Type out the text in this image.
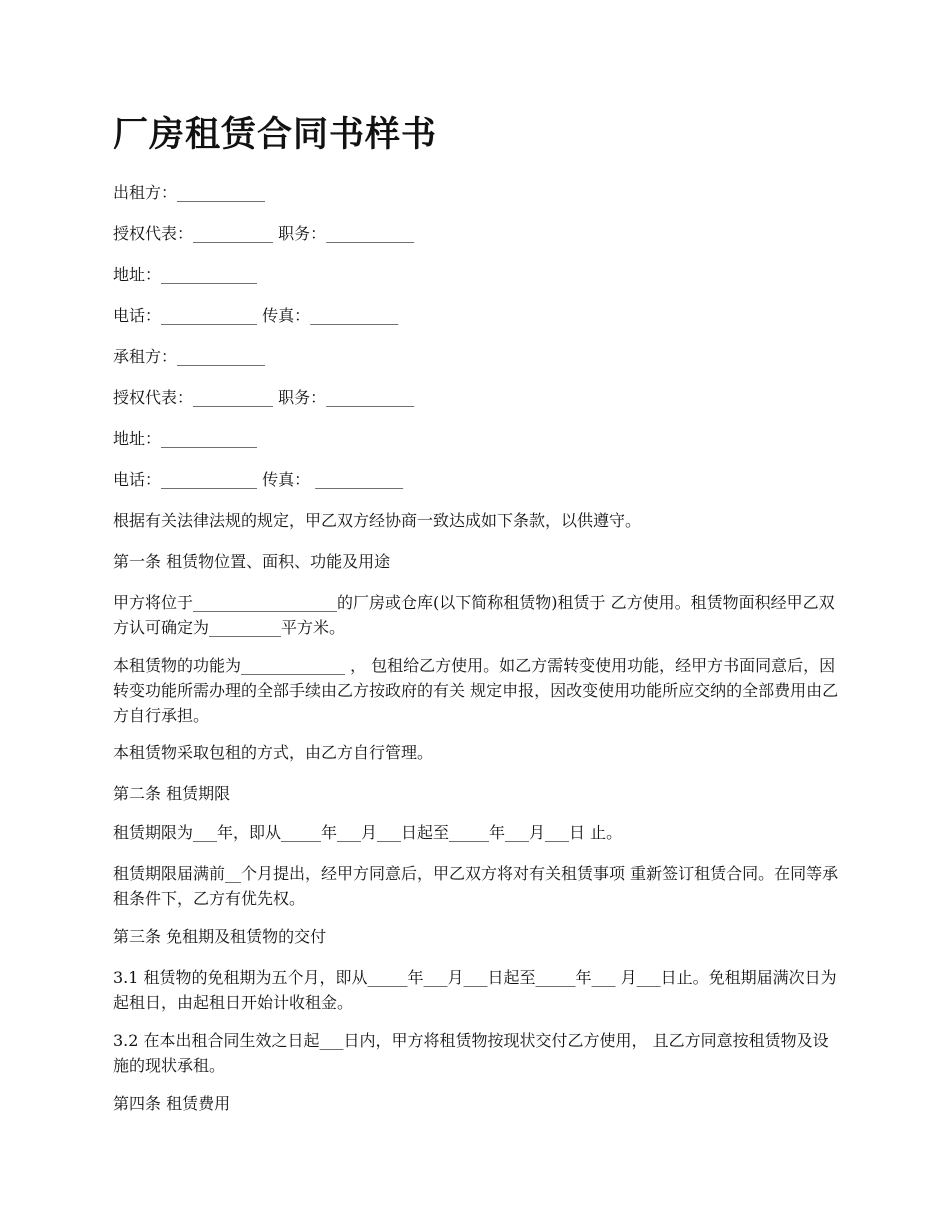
厂房租赁合同书样书

出租方：___________

授权代表：__________ 职务：___________

地址：____________

电话：____________ 传真：___________

承租方：___________

授权代表：__________ 职务：___________

地址：____________

电话：____________ 传真： ___________

根据有关法律法规的规定，甲乙双方经协商一致达成如下条款，以供遵守。

第一条 租赁物位置、面积、功能及用途

甲方将位于__________________的厂房或仓库(以下简称租赁物)租赁于 乙方使用。租赁物面积经甲乙双方认可确定为_________平方米。

本租赁物的功能为_____________ ， 包租给乙方使用。如乙方需转变使用功能，经甲方书面同意后，因转变功能所需办理的全部手续由乙方按政府的有关 规定申报，因改变使用功能所应交纳的全部费用由乙方自行承担。

本租赁物采取包租的方式，由乙方自行管理。

第二条 租赁期限

租赁期限为___年，即从_____年___月___日起至_____年___月___日 止。

租赁期限届满前__个月提出，经甲方同意后，甲乙双方将对有关租赁事项 重新签订租赁合同。在同等承租条件下，乙方有优先权。

第三条 免租期及租赁物的交付

3.1 租赁物的免租期为五个月，即从_____年___月___日起至_____年___ 月___日止。免租期届满次日为起租日，由起租日开始计收租金。

3.2 在本出租合同生效之日起___日内，甲方将租赁物按现状交付乙方使用， 且乙方同意按租赁物及设施的现状承租。

第四条 租赁费用
